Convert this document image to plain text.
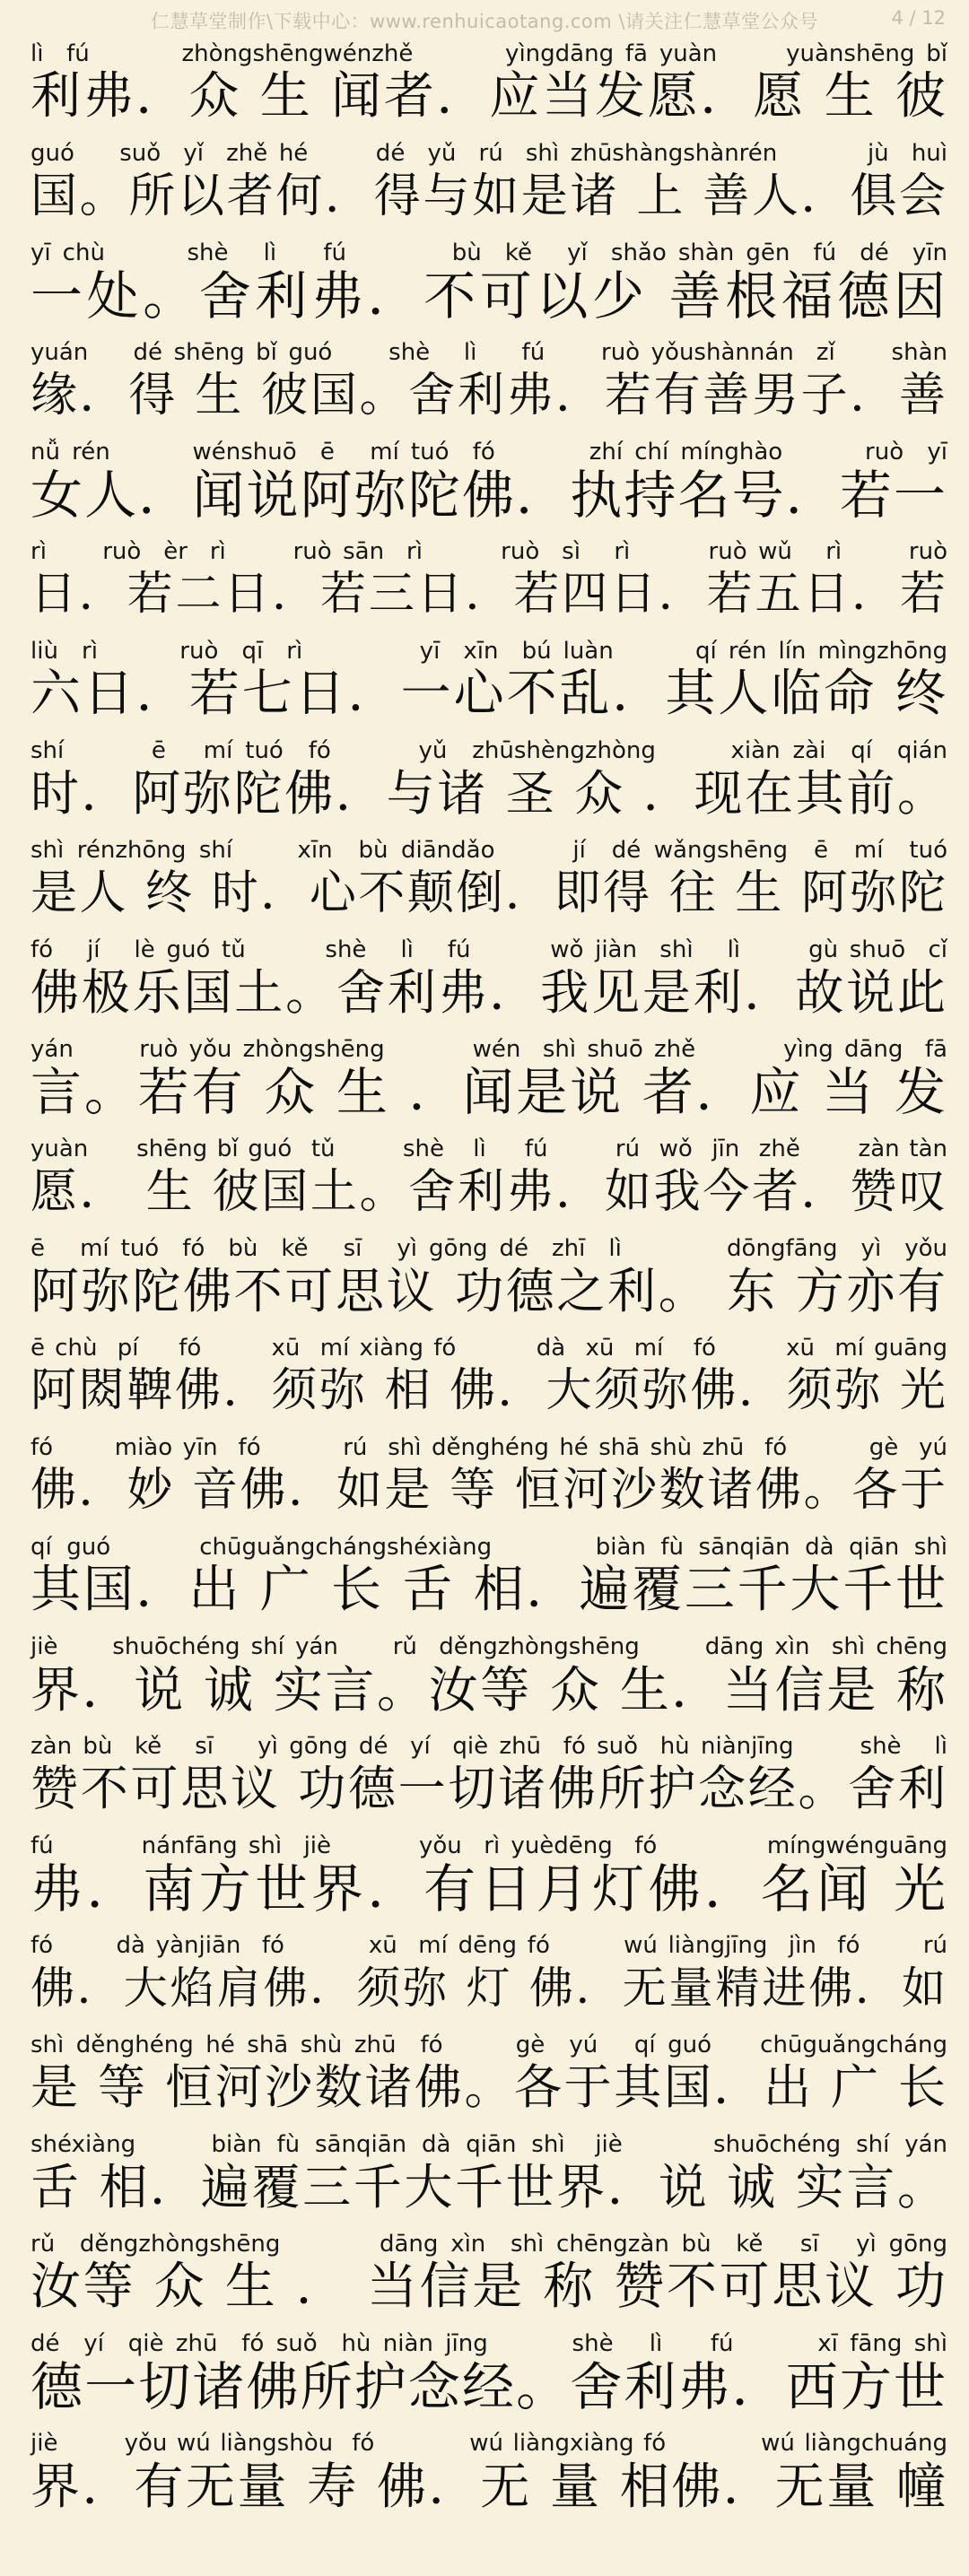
仁慧草堂制作\下载中心：www.renhuicaotang.com \请关注仁慧草堂公众号	4 / 12
lì  fú        zhòngshēngwénzhě        yìngdāng fā yuàn      yuànshēng bǐ
利弗．众 生 闻者．应当发愿．愿 生 彼
guó    suǒ  yǐ  zhě hé      dé  yǔ  rú  shì zhūshàngshànrén        jù  huì
国。所以者何．得与如是诸 上 善人．俱会
yī chù       shè   lì    fú         bù  kě   yǐ  shǎo shàn gēn  fú  dé  yīn
一处。舍利弗．不可以少 善根福德因
yuán    dé shēng bǐ guó     shè   lì    fú     ruò yǒushànnán  zǐ     shàn
缘．得 生 彼国。舍利弗．若有善男子．善
nǚ rén       wénshuō  ē   mí tuó  fó        zhí chí mínghào       ruò  yī
女人．闻说阿弥陀佛．执持名号．若一
rì     ruò  èr  rì      ruò sān  rì       ruò  sì   rì       ruò wǔ   rì      ruò
日．若二日．若三日．若四日．若五日．若
liù  rì       ruò  qī  rì          yī  xīn  bú luàn       qí rén lín mìngzhōng
六日．若七日．一心不乱．其人临命 终
shí       ē   mí tuó  fó       yǔ  zhūshèngzhòng      xiàn zài  qí  qián
时．阿弥陀佛．与诸 圣 众 ．现在其前。
shì rénzhōng shí     xīn  bù diāndǎo      jí  dé wǎngshēng  ē  mí  tuó
是人 终 时．心不颠倒．即得 往 生 阿弥陀
fó   jí   lè guó tǔ       shè   lì   fú       wǒ jiàn  shì   lì      gù shuō  cǐ
佛极乐国土。舍利弗．我见是利．故说此
yán      ruò yǒu zhòngshēng        wén  shì shuō zhě        yìng dāng  fā
言。若有 众 生 ．闻是说 者．应 当 发
yuàn     shēng bǐ guó  tǔ       shè   lì    fú       rú  wǒ  jīn  zhě      zàn tàn
愿． 生 彼国土。舍利弗．如我今者．赞叹
ē   mí tuó  fó  bù  kě   sī   yì gōng dé  zhī  lì         dōngfāng  yì  yǒu
阿弥陀佛不可思议 功德之利。 东 方亦有
ē chù  pí    fó       xū  mí xiàng fó        dà  xū  mí   fó       xū  mí guāng
阿閦鞞佛．须弥 相 佛．大须弥佛．须弥 光
fó      miào yīn  fó        rú  shì děnghéng hé shā shù zhū  fó        gè  yú
佛．妙 音佛．如是 等 恒河沙数诸佛。各于
qí guó      chūguǎngchángshéxiàng       biàn fù sānqiān dà qiān shì
其国．出 广 长 舌 相．遍覆三千大千世
jiè     shuōchéng shí yán     rǔ  děngzhòngshēng      dāng xìn  shì chēng
界．说 诚 实言。汝等 众 生．当信是 称
zàn bù  kě   sī    yì gōng dé  yí  qiè zhū  fó suǒ  hù niànjīng      shè   lì
赞不可思议 功德一切诸佛所护念经。舍利
fú        nánfāng shì  jiè        yǒu  rì yuèdēng  fó          míngwénguāng
弗．南方世界．有日月灯佛．名闻 光
fó      dà yànjiān  fó        xū  mí dēng fó       wú liàngjīng  jìn  fó      rú
佛．大焰肩佛．须弥 灯 佛．无量精进佛．如
shì děnghéng hé shā shù zhū  fó      gè  yú   qí guó    chūguǎngcháng
是 等 恒河沙数诸佛。各于其国．出 广 长
shéxiàng     biàn fù sānqiān dà qiān shì  jiè      shuōchéng shí yán
舌 相．遍覆三千大千世界．说 诚 实言。
rǔ  děngzhòngshēng        dāng xìn  shì chēngzàn bù  kě   sī   yì gōng
汝等 众 生 ． 当信是 称 赞不可思议 功
dé  yí  qiè zhū  fó suǒ  hù niàn jīng       shè   lì    fú       xī fāng shì
德一切诸佛所护念经。舍利弗．西方世
jiè       yǒu wú liàngshòu  fó          wú liàngxiàng fó          wú liàngchuáng
界．有无量 寿 佛．无 量 相佛．无量 幢
